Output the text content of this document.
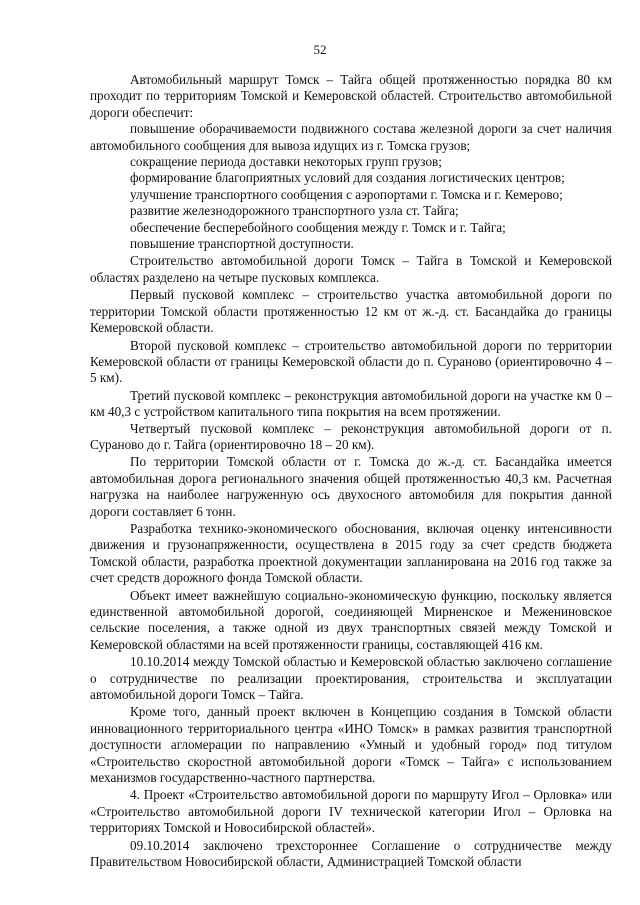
52

Автомобильный маршрут Томск – Тайга общей протяженностью порядка 80 км проходит по территориям Томской и Кемеровской областей. Строительство автомобильной дороги обеспечит:

повышение оборачиваемости подвижного состава железной дороги за счет наличия автомобильного сообщения для вывоза идущих из г. Томска грузов;

сокращение периода доставки некоторых групп грузов;

формирование благоприятных условий для создания логистических центров;

улучшение транспортного сообщения с аэропортами г. Томска и г. Кемерово;

развитие железнодорожного транспортного узла ст. Тайга;

обеспечение бесперебойного сообщения между г. Томск и г. Тайга;

повышение транспортной доступности.

Строительство автомобильной дороги Томск – Тайга в Томской и Кемеровской областях разделено на четыре пусковых комплекса.

Первый пусковой комплекс – строительство участка автомобильной дороги по территории Томской области протяженностью 12 км от ж.-д. ст. Басандайка до границы Кемеровской области.

Второй пусковой комплекс – строительство автомобильной дороги по территории Кемеровской области от границы Кемеровской области до п. Сураново (ориентировочно 4 – 5 км).

Третий пусковой комплекс – реконструкция автомобильной дороги на участке км 0 – км 40,3 с устройством капитального типа покрытия на всем протяжении.

Четвертый пусковой комплекс – реконструкция автомобильной дороги от п. Сураново до г. Тайга (ориентировочно 18 – 20 км).

По территории Томской области от г. Томска до ж.-д. ст. Басандайка имеется автомобильная дорога регионального значения общей протяженностью 40,3 км. Расчетная нагрузка на наиболее нагруженную ось двухосного автомобиля для покрытия данной дороги составляет 6 тонн.

Разработка технико-экономического обоснования, включая оценку интенсивности движения и грузонапряженности, осуществлена в 2015 году за счет средств бюджета Томской области, разработка проектной документации запланирована на 2016 год также за счет средств дорожного фонда Томской области.

Объект имеет важнейшую социально-экономическую функцию, поскольку является единственной автомобильной дорогой, соединяющей Мирненское и Межениновское сельские поселения, а также одной из двух транспортных связей между Томской и Кемеровской областями на всей протяженности границы, составляющей 416 км.

10.10.2014 между Томской областью и Кемеровской областью заключено соглашение о сотрудничестве по реализации проектирования, строительства и эксплуатации автомобильной дороги Томск – Тайга.

Кроме того, данный проект включен в Концепцию создания в Томской области инновационного территориального центра «ИНО Томск» в рамках развития транспортной доступности агломерации по направлению «Умный и удобный город» под титулом «Строительство скоростной автомобильной дороги «Томск – Тайга» с использованием механизмов государственно-частного партнерства.

4. Проект «Строительство автомобильной дороги по маршруту Игол – Орловка» или «Строительство автомобильной дороги IV технической категории Игол – Орловка на территориях Томской и Новосибирской областей».

09.10.2014 заключено трехстороннее Соглашение о сотрудничестве между Правительством Новосибирской области, Администрацией Томской области
